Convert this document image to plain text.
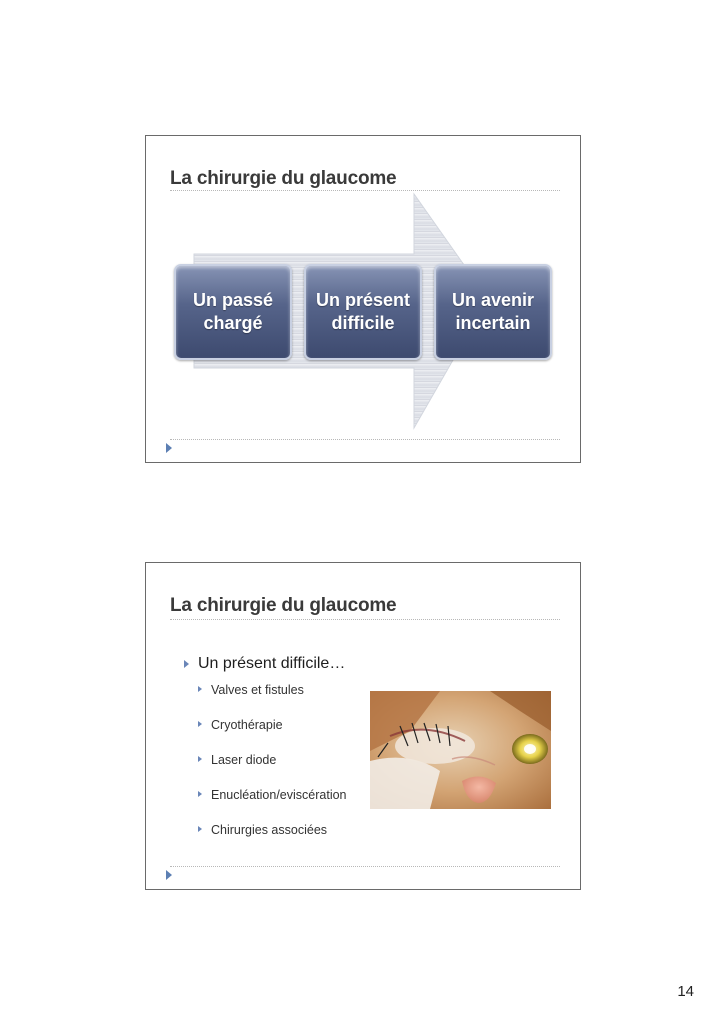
La chirurgie du glaucome
Un passé chargé
Un présent difficile
Un avenir incertain
La chirurgie du glaucome
Un présent difficile…
Valves et fistules
Cryothérapie
Laser diode
Enucléation/eviscération
Chirurgies associées
14
